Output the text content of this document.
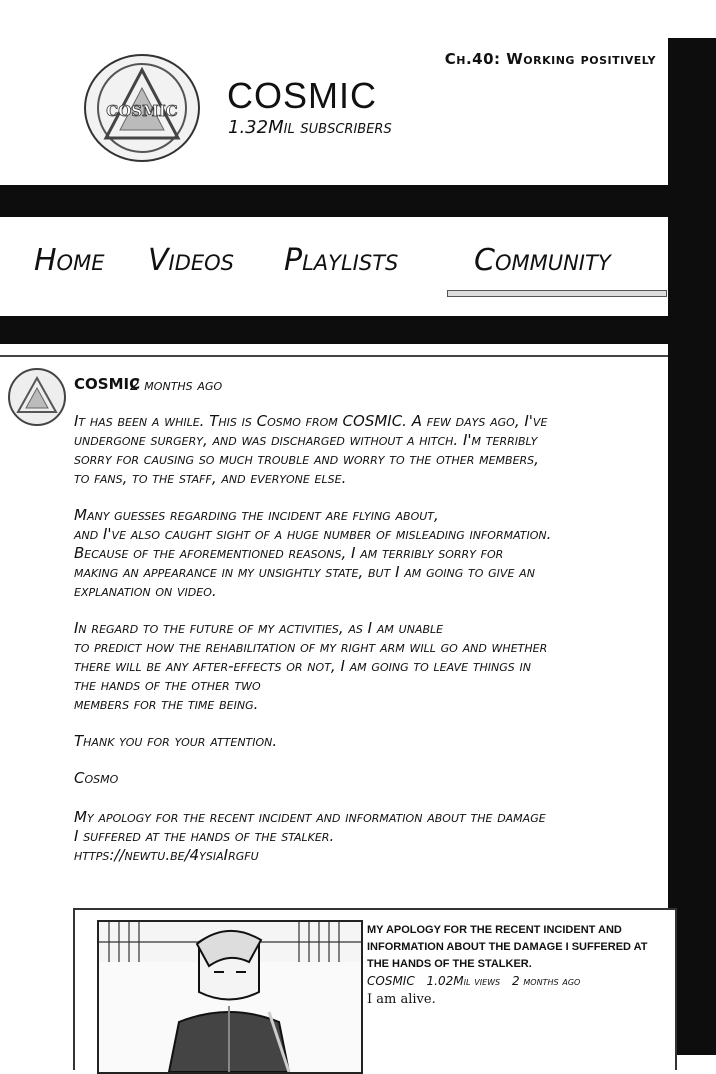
Ch.40: Working positively
COSMIC COSMIC
1.32Mil subscribers
Home Videos Playlists	Community
COSMIC
2 months ago

It has been a while. This is Cosmo from COSMIC. A few days ago, I've
undergone surgery, and was discharged without a hitch. I'm terribly
sorry for causing so much trouble and worry to the other members,
to fans, to the staff, and everyone else.

Many guesses regarding the incident are flying about,
and I've also caught sight of a huge number of misleading information.
Because of the aforementioned reasons, I am terribly sorry for
making an appearance in my unsightly state, but I am going to give an
explanation on video.

In regard to the future of my activities, as I am unable
to predict how the rehabilitation of my right arm will go and whether
there will be any after-effects or not, I am going to leave things in
the hands of the other two
members for the time being.

Thank you for your attention.

Cosmo

My apology for the recent incident and information about the damage
I suffered at the hands of the stalker.
https://newtu.be/4ysiaIrgfu

MY APOLOGY FOR THE RECENT INCIDENT AND INFORMATION ABOUT THE DAMAGE I SUFFERED AT THE HANDS OF THE STALKER.
COSMIC 1.02Mil views 2 months ago
I am alive.
